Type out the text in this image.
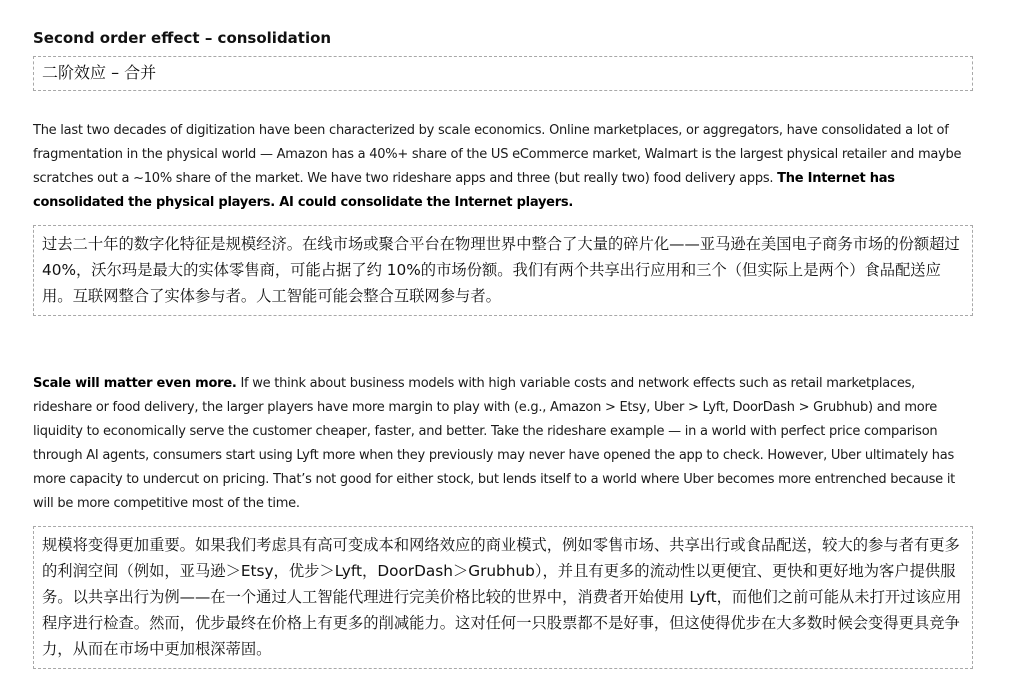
Second order effect – consolidation
二阶效应 – 合并

The last two decades of digitization have been characterized by scale economics. Online marketplaces, or aggregators, have consolidated a lot of fragmentation in the physical world — Amazon has a 40%+ share of the US eCommerce market, Walmart is the largest physical retailer and maybe scratches out a ~10% share of the market. We have two rideshare apps and three (but really two) food delivery apps. The Internet has consolidated the physical players. AI could consolidate the Internet players.

过去二十年的数字化特征是规模经济。在线市场或聚合平台在物理世界中整合了大量的碎片化——亚马逊在美国电子商务市场的份额超过 40%，沃尔玛是最大的实体零售商，可能占据了约 10%的市场份额。我们有两个共享出行应用和三个（但实际上是两个）食品配送应用。互联网整合了实体参与者。人工智能可能会整合互联网参与者。

Scale will matter even more. If we think about business models with high variable costs and network effects such as retail marketplaces, rideshare or food delivery, the larger players have more margin to play with (e.g., Amazon > Etsy, Uber > Lyft, DoorDash > Grubhub) and more liquidity to economically serve the customer cheaper, faster, and better. Take the rideshare example — in a world with perfect price comparison through AI agents, consumers start using Lyft more when they previously may never have opened the app to check. However, Uber ultimately has more capacity to undercut on pricing. That’s not good for either stock, but lends itself to a world where Uber becomes more entrenched because it will be more competitive most of the time.

规模将变得更加重要。如果我们考虑具有高可变成本和网络效应的商业模式，例如零售市场、共享出行或食品配送，较大的参与者有更多的利润空间（例如，亚马逊＞Etsy，优步＞Lyft，DoorDash＞Grubhub），并且有更多的流动性以更便宜、更快和更好地为客户提供服务。以共享出行为例——在一个通过人工智能代理进行完美价格比较的世界中，消费者开始使用 Lyft，而他们之前可能从未打开过该应用程序进行检查。然而，优步最终在价格上有更多的削减能力。这对任何一只股票都不是好事，但这使得优步在大多数时候会变得更具竞争力，从而在市场中更加根深蒂固。
